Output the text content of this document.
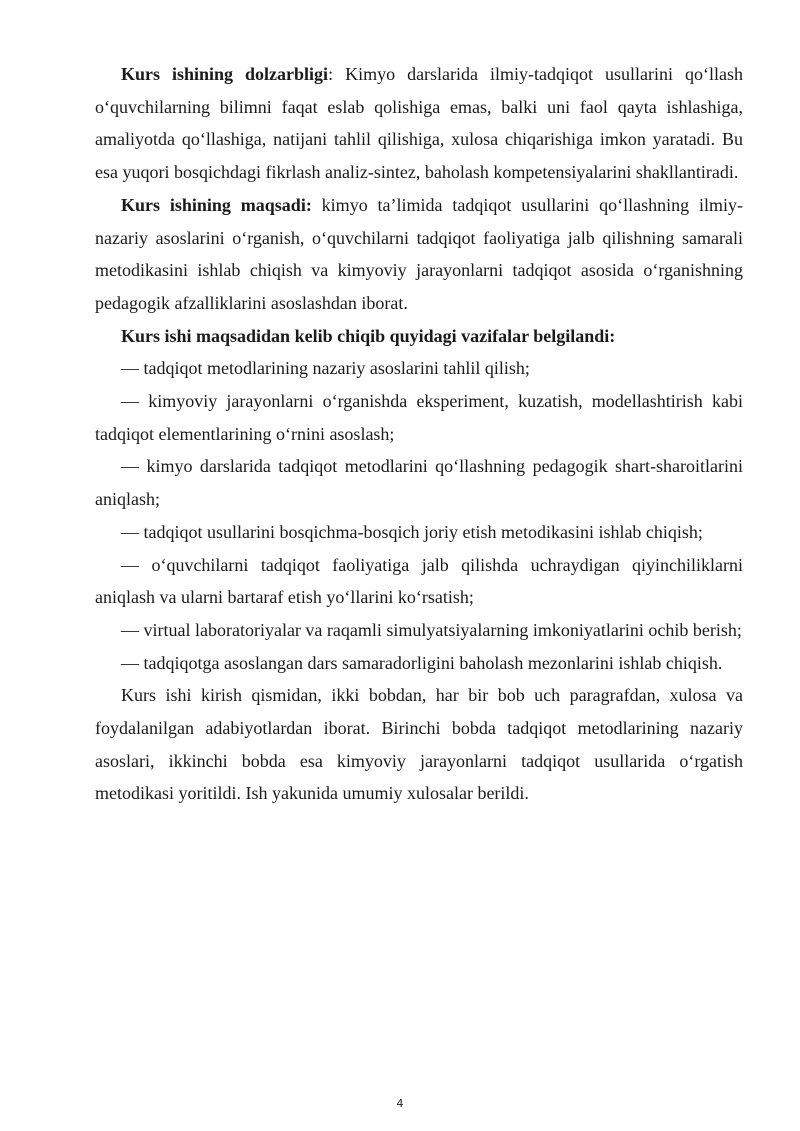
Kurs ishining dolzarbligi: Kimyo darslarida ilmiy-tadqiqot usullarini qo‘llash o‘quvchilarning bilimni faqat eslab qolishiga emas, balki uni faol qayta ishlashiga, amaliyotda qo‘llashiga, natijani tahlil qilishiga, xulosa chiqarishiga imkon yaratadi. Bu esa yuqori bosqichdagi fikrlash analiz-sintez, baholash kompetensiyalarini shakllantiradi.

Kurs ishining maqsadi: kimyo ta’limida tadqiqot usullarini qo‘llashning ilmiy-nazariy asoslarini o‘rganish, o‘quvchilarni tadqiqot faoliyatiga jalb qilishning samarali metodikasini ishlab chiqish va kimyoviy jarayonlarni tadqiqot asosida o‘rganishning pedagogik afzalliklarini asoslashdan iborat.

Kurs ishi maqsadidan kelib chiqib quyidagi vazifalar belgilandi:

— tadqiqot metodlarining nazariy asoslarini tahlil qilish;

— kimyoviy jarayonlarni o‘rganishda eksperiment, kuzatish, modellashtirish kabi tadqiqot elementlarining o‘rnini asoslash;

— kimyo darslarida tadqiqot metodlarini qo‘llashning pedagogik shart-sharoitlarini aniqlash;

— tadqiqot usullarini bosqichma-bosqich joriy etish metodikasini ishlab chiqish;

— o‘quvchilarni tadqiqot faoliyatiga jalb qilishda uchraydigan qiyinchiliklarni aniqlash va ularni bartaraf etish yo‘llarini ko‘rsatish;

— virtual laboratoriyalar va raqamli simulyatsiyalarning imkoniyatlarini ochib berish;

— tadqiqotga asoslangan dars samaradorligini baholash mezonlarini ishlab chiqish.

Kurs ishi kirish qismidan, ikki bobdan, har bir bob uch paragrafdan, xulosa va foydalanilgan adabiyotlardan iborat. Birinchi bobda tadqiqot metodlarining nazariy asoslari, ikkinchi bobda esa kimyoviy jarayonlarni tadqiqot usullarida o‘rgatish metodikasi yoritildi. Ish yakunida umumiy xulosalar berildi.

4
